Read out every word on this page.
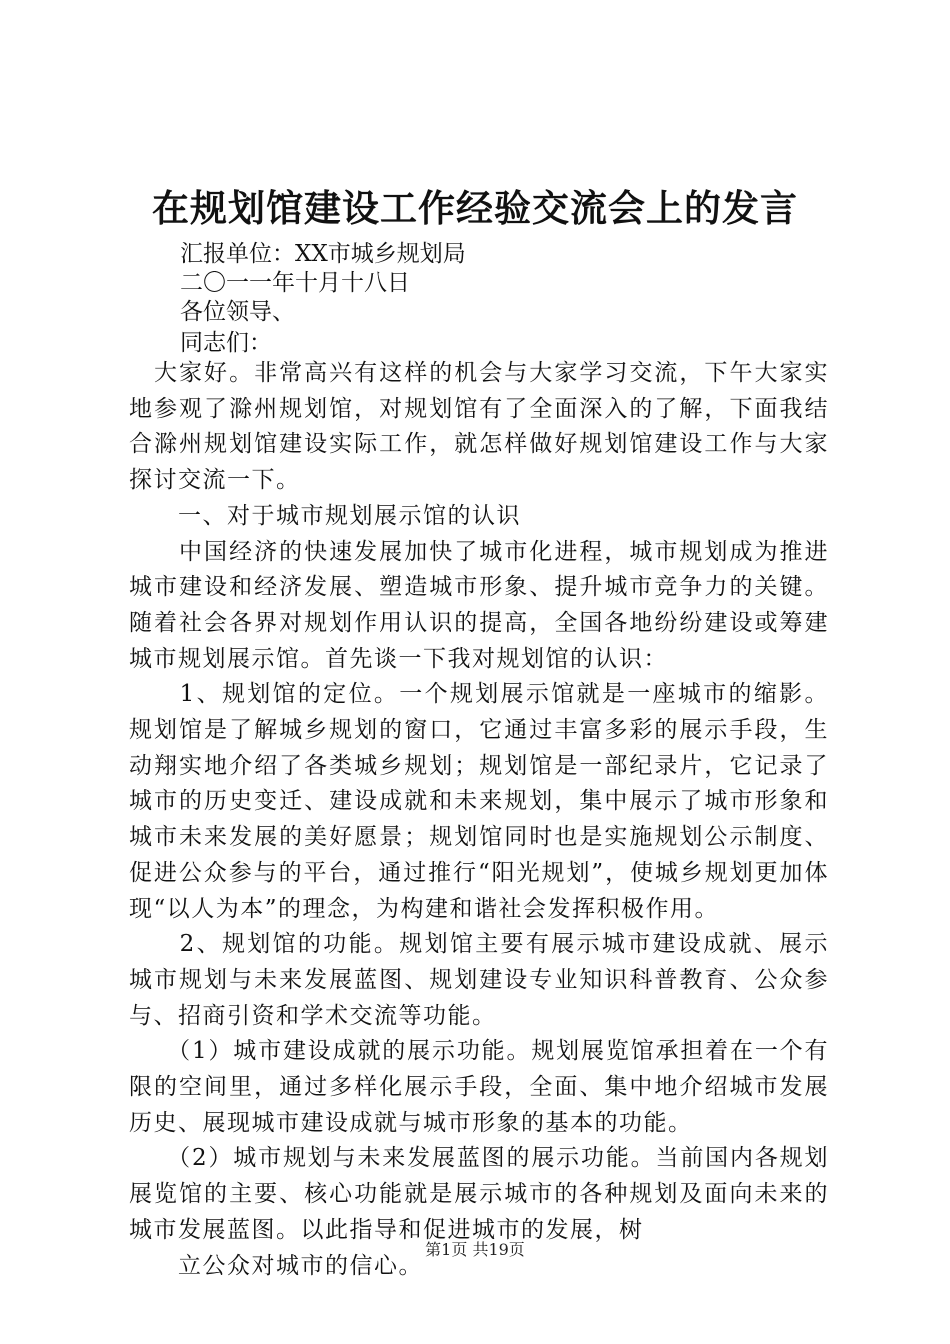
在规划馆建设工作经验交流会上的发言
汇报单位：XX市城乡规划局
二〇一一年十月十八日
各位领导、
同志们：

　大家好。非常高兴有这样的机会与大家学习交流，下午大家实地参观了滁州规划馆，对规划馆有了全面深入的了解，下面我结合滁州规划馆建设实际工作，就怎样做好规划馆建设工作与大家探讨交流一下。

　　一、对于城市规划展示馆的认识

　　中国经济的快速发展加快了城市化进程，城市规划成为推进城市建设和经济发展、塑造城市形象、提升城市竞争力的关键。随着社会各界对规划作用认识的提高，全国各地纷纷建设或筹建城市规划展示馆。首先谈一下我对规划馆的认识：

　　1、规划馆的定位。一个规划展示馆就是一座城市的缩影。规划馆是了解城乡规划的窗口，它通过丰富多彩的展示手段，生动翔实地介绍了各类城乡规划；规划馆是一部纪录片，它记录了城市的历史变迁、建设成就和未来规划，集中展示了城市形象和城市未来发展的美好愿景；规划馆同时也是实施规划公示制度、促进公众参与的平台，通过推行“阳光规划”，使城乡规划更加体现“以人为本”的理念，为构建和谐社会发挥积极作用。

　　2、规划馆的功能。规划馆主要有展示城市建设成就、展示城市规划与未来发展蓝图、规划建设专业知识科普教育、公众参与、招商引资和学术交流等功能。

　　（1）城市建设成就的展示功能。规划展览馆承担着在一个有限的空间里，通过多样化展示手段，全面、集中地介绍城市发展历史、展现城市建设成就与城市形象的基本的功能。

　　（2）城市规划与未来发展蓝图的展示功能。当前国内各规划展览馆的主要、核心功能就是展示城市的各种规划及面向未来的城市发展蓝图。以此指导和促进城市的发展，树

　　立公众对城市的信心。

第1页 共19页
